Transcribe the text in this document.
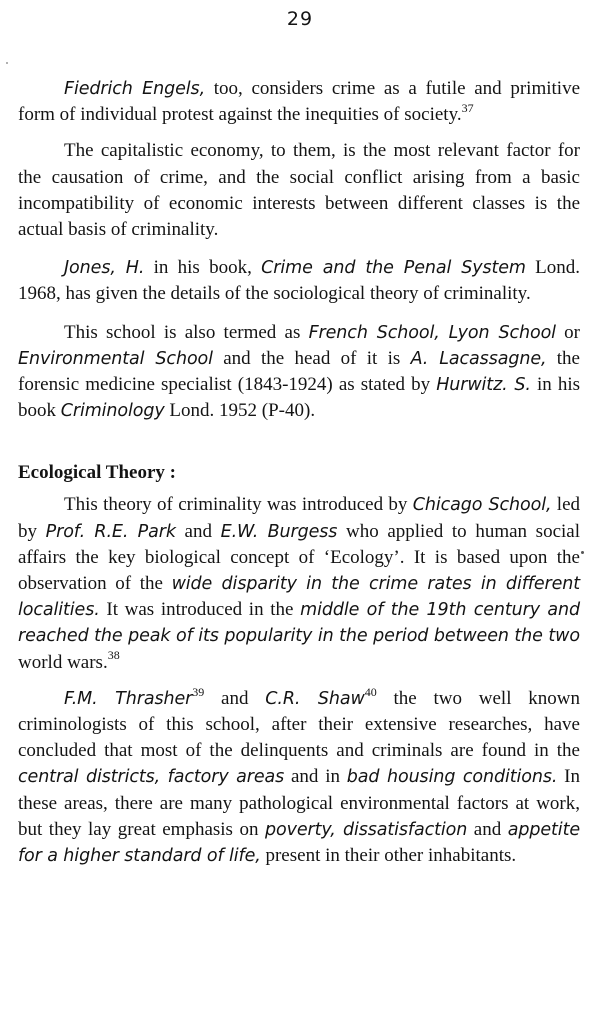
29

Fiedrich Engels, too, considers crime as a futile and primitive form of individual protest against the inequities of society.$^{37}$

The capitalistic economy, to them, is the most relevant factor for the causation of crime, and the social conflict arising from a basic incompatibility of economic interests between different classes is the actual basis of criminality.

Jones, H. in his book, Crime and the Penal System Lond. 1968, has given the details of the sociological theory of criminality.

This school is also termed as French School, Lyon School or Environmental School and the head of it is A. Lacassagne, the forensic medicine specialist (1843-1924) as stated by Hurwitz. S. in his book Criminology Lond. 1952 (P-40).

Ecological Theory :

This theory of criminality was introduced by Chicago School, led by Prof. R.E. Park and E.W. Burgess who applied to human social affairs the key biological concept of ‘Ecology’. It is based upon the observation of the wide disparity in the crime rates in different localities. It was introduced in the middle of the 19th century and reached the peak of its popularity in the period between the two world wars.$^{38}$

F.M. Thrasher$^{39}$ and C.R. Shaw$^{40}$ the two well known criminologists of this school, after their extensive researches, have concluded that most of the delinquents and criminals are found in the central districts, factory areas and in bad housing conditions. In these areas, there are many pathological environmental factors at work, but they lay great emphasis on poverty, dissatisfaction and appetite for a higher standard of life, present in their other inhabitants.
